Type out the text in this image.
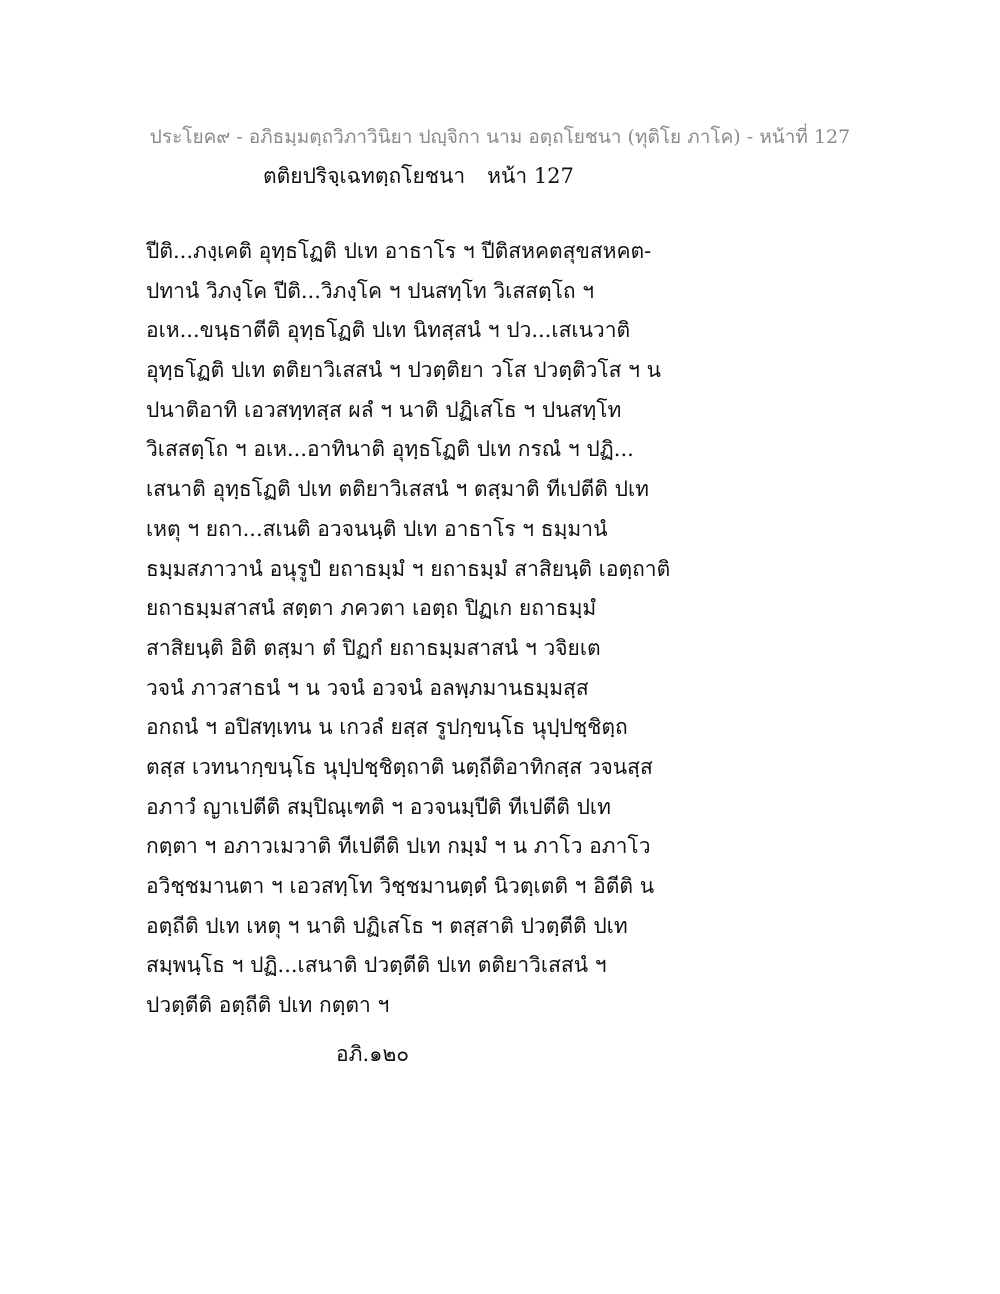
ประโยค๙ - อภิธมฺมตฺถวิภาวินิยา ปญฺจิกา นาม อตฺถโยชนา (ทุติโย ภาโค) - หน้าที่ 127
ตติยปริจฺเฉทตฺถโยชนา หน้า 127
ปีติ...ภงฺเคติ อุทฺธโฏติ ปเท อาธาโร ฯ ปีติสหคตสุขสหคต-
ปทานํ วิภงฺโค ปีติ...วิภงฺโค ฯ ปนสทฺโท วิเสสตฺโถ ฯ
อเห...ขนฺธาตีติ อุทฺธโฏติ ปเท นิทสฺสนํ ฯ ปว...เสเนวาติ
อุทฺธโฏติ ปเท ตติยาวิเสสนํ ฯ ปวตฺติยา วโส ปวตฺติวโส ฯ น
ปนาติอาทิ เอวสทฺทสฺส ผลํ ฯ นาติ ปฏิเสโธ ฯ ปนสทฺโท
วิเสสตฺโถ ฯ อเห...อาทินาติ อุทฺธโฏติ ปเท กรณํ ฯ ปฏิ...
เสนาติ อุทฺธโฏติ ปเท ตติยาวิเสสนํ ฯ ตสฺมาติ ทีเปตีติ ปเท
เหตุ ฯ ยถา...สเนติ อวจนนฺติ ปเท อาธาโร ฯ ธมฺมานํ
ธมฺมสภาวานํ อนุรูปํ ยถาธมฺมํ ฯ ยถาธมฺมํ สาสิยนฺติ เอตฺถาติ
ยถาธมฺมสาสนํ สตฺตา ภควตา เอตฺถ ปิฏเก ยถาธมฺมํ
สาสิยนฺติ อิติ ตสฺมา ตํ ปิฏกํ ยถาธมฺมสาสนํ ฯ วจิยเต
วจนํ ภาวสาธนํ ฯ น วจนํ อวจนํ อลพฺภมานธมฺมสฺส
อกถนํ ฯ อปิสทฺเทน น เกวลํ ยสฺส รูปกฺขนฺโธ นุปฺปชฺชิตฺถ
ตสฺส เวทนากฺขนฺโธ นุปฺปชฺชิตฺถาติ นตฺถีติอาทิกสฺส วจนสฺส
อภาวํ ญาเปตีติ สมฺปิณฺเฑติ ฯ อวจนมฺปีติ ทีเปตีติ ปเท
กตฺตา ฯ อภาวเมวาติ ทีเปตีติ ปเท กมฺมํ ฯ น ภาโว อภาโว
อวิชฺชมานตา ฯ เอวสทฺโท วิชฺชมานตฺตํ นิวตฺเตติ ฯ อิตีติ น
อตฺถีติ ปเท เหตุ ฯ นาติ ปฏิเสโธ ฯ ตสฺสาติ ปวตฺตีติ ปเท
สมฺพนฺโธ ฯ ปฏิ...เสนาติ ปวตฺตีติ ปเท ตติยาวิเสสนํ ฯ
ปวตฺตีติ อตฺถีติ ปเท กตฺตา ฯ
อภิ.๑๒๐
